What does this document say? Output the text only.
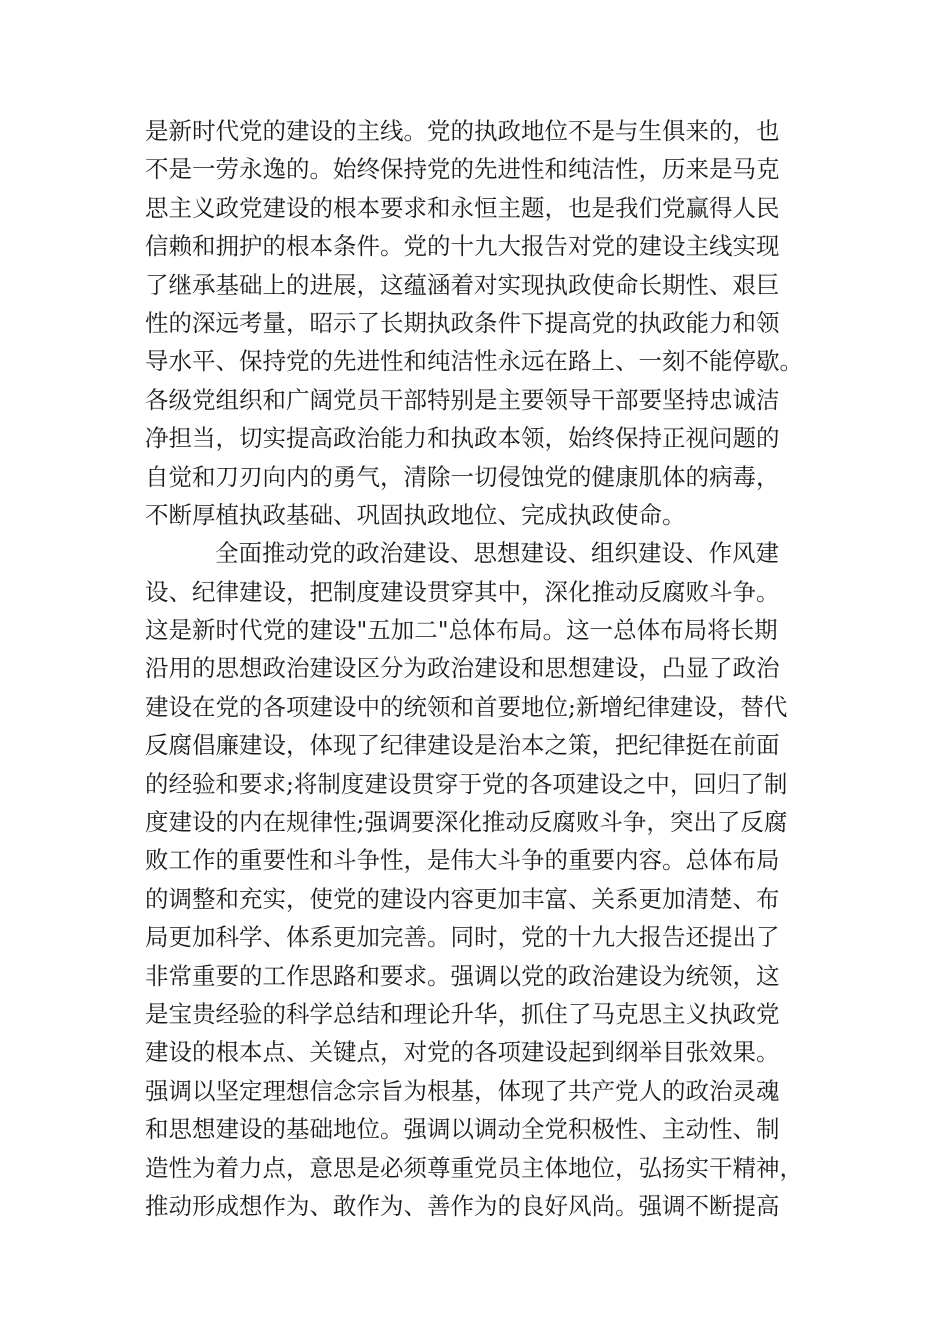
是新时代党的建设的主线。党的执政地位不是与生俱来的，也
不是一劳永逸的。始终保持党的先进性和纯洁性，历来是马克
思主义政党建设的根本要求和永恒主题，也是我们党赢得人民
信赖和拥护的根本条件。党的十九大报告对党的建设主线实现
了继承基础上的进展，这蕴涵着对实现执政使命长期性、艰巨
性的深远考量，昭示了长期执政条件下提高党的执政能力和领
导水平、保持党的先进性和纯洁性永远在路上、一刻不能停歇。
各级党组织和广阔党员干部特别是主要领导干部要坚持忠诚洁
净担当，切实提高政治能力和执政本领，始终保持正视问题的
自觉和刀刃向内的勇气，清除一切侵蚀党的健康肌体的病毒，
不断厚植执政基础、巩固执政地位、完成执政使命。
全面推动党的政治建设、思想建设、组织建设、作风建
设、纪律建设，把制度建设贯穿其中，深化推动反腐败斗争。
这是新时代党的建设"五加二"总体布局。这一总体布局将长期
沿用的思想政治建设区分为政治建设和思想建设，凸显了政治
建设在党的各项建设中的统领和首要地位;新增纪律建设，替代
反腐倡廉建设，体现了纪律建设是治本之策，把纪律挺在前面
的经验和要求;将制度建设贯穿于党的各项建设之中，回归了制
度建设的内在规律性;强调要深化推动反腐败斗争，突出了反腐
败工作的重要性和斗争性，是伟大斗争的重要内容。总体布局
的调整和充实，使党的建设内容更加丰富、关系更加清楚、布
局更加科学、体系更加完善。同时，党的十九大报告还提出了
非常重要的工作思路和要求。强调以党的政治建设为统领，这
是宝贵经验的科学总结和理论升华，抓住了马克思主义执政党
建设的根本点、关键点，对党的各项建设起到纲举目张效果。
强调以坚定理想信念宗旨为根基，体现了共产党人的政治灵魂
和思想建设的基础地位。强调以调动全党积极性、主动性、制
造性为着力点，意思是必须尊重党员主体地位，弘扬实干精神，
推动形成想作为、敢作为、善作为的良好风尚。强调不断提高
